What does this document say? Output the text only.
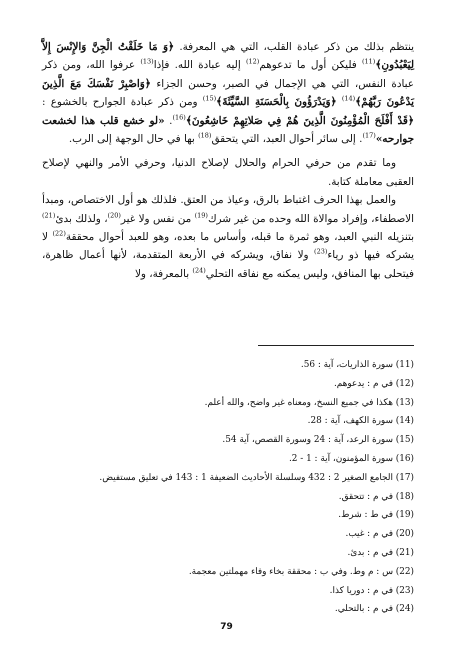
ينتظم بذلك من ذكر عبادة القلب، التي هي المعرفة. ﴿وَ مَا خَلَقْتُ الْجِنَّ وَالإِنْسَ إِلاَّ لِيَعْبُدُونِ﴾$^{(11)}$ فليكن أول ما تدعوهم$^{(12)}$ إليه عبادة الله. فإذا$^{(13)}$ عرفوا الله، ومن ذكر عبادة النفس، التي هي الإجمال في الصبر، وحسن الجزاء ﴿وَاصْبِرْ نَفْسَكَ مَعَ الَّذِينَ يَدْعُونَ رَبَّهُمْ﴾$^{(14)}$ ﴿وَيَدْرَؤُونَ بِالْحَسَنَةِ السَّيِّئَةَ﴾$^{(15)}$ ومن ذكر عبادة الجوارح بالخشوع : ﴿قَدْ أَفْلَحَ الْمُؤْمِنُونَ الَّذِينَ هُمْ فِي صَلاتِهِمْ خَاشِعُونَ﴾$^{(16)}$. «لو خشع قلب هذا لخشعت جوارحه»$^{(17)}$. إلى سائر أحوال العبد، التي يتحقق$^{(18)}$ بها في حال الوجهة إلى الرب.

وما تقدم من حرفي الحرام والحلال لإصلاح الدنيا، وحرفي الأمر والنهي لإصلاح العقبى معاملة كتابة.

والعمل بهذا الحرف اغتباط بالرق، وعياذ من العتق. فلذلك هو أول الاختصاص، ومبدأ الاصطفاء، وإفراد موالاة الله وحده من غير شرك$^{(19)}$ من نفس ولا غير$^{(20)}$، ولذلك بدئ$^{(21)}$ بتنزيله النبي العبد، وهو ثمرة ما قبله، وأساس ما بعده، وهو للعبد أحوال محققة$^{(22)}$ لا يشركه فيها ذو رياء$^{(23)}$ ولا نفاق، ويشركه في الأربعة المتقدمة، لأنها أعمال ظاهرة، فيتحلى بها المنافق، وليس يمكنه مع نفاقه التحلي$^{(24)}$ بالمعرفة، ولا

(11) سورة الذاريات، آية : 56.
(12) في م : يدعوهم.
(13) هكذا في جميع النسخ، ومعناه غير واضح، والله أعلم.
(14) سورة الكهف، آية : 28.
(15) سورة الرعد، آية : 24 وسورة القصص، آية 54.
(16) سورة المؤمنون، آية : 1 - 2.
(17) الجامع الصغير 2 : 432 وسلسلة الأحاديث الضعيفة 1 : 143 في تعليق مستفيض.
(18) في م : تتحقق.
(19) في ط : شرط.
(20) في م : غيب.
(21) في م : بدئ.
(22) س : م وط. وفي ب : محققة بخاء وفاء مهملتين معجمة.
(23) في م : دوريا كذا.
(24) في م : بالتحلي.
79
